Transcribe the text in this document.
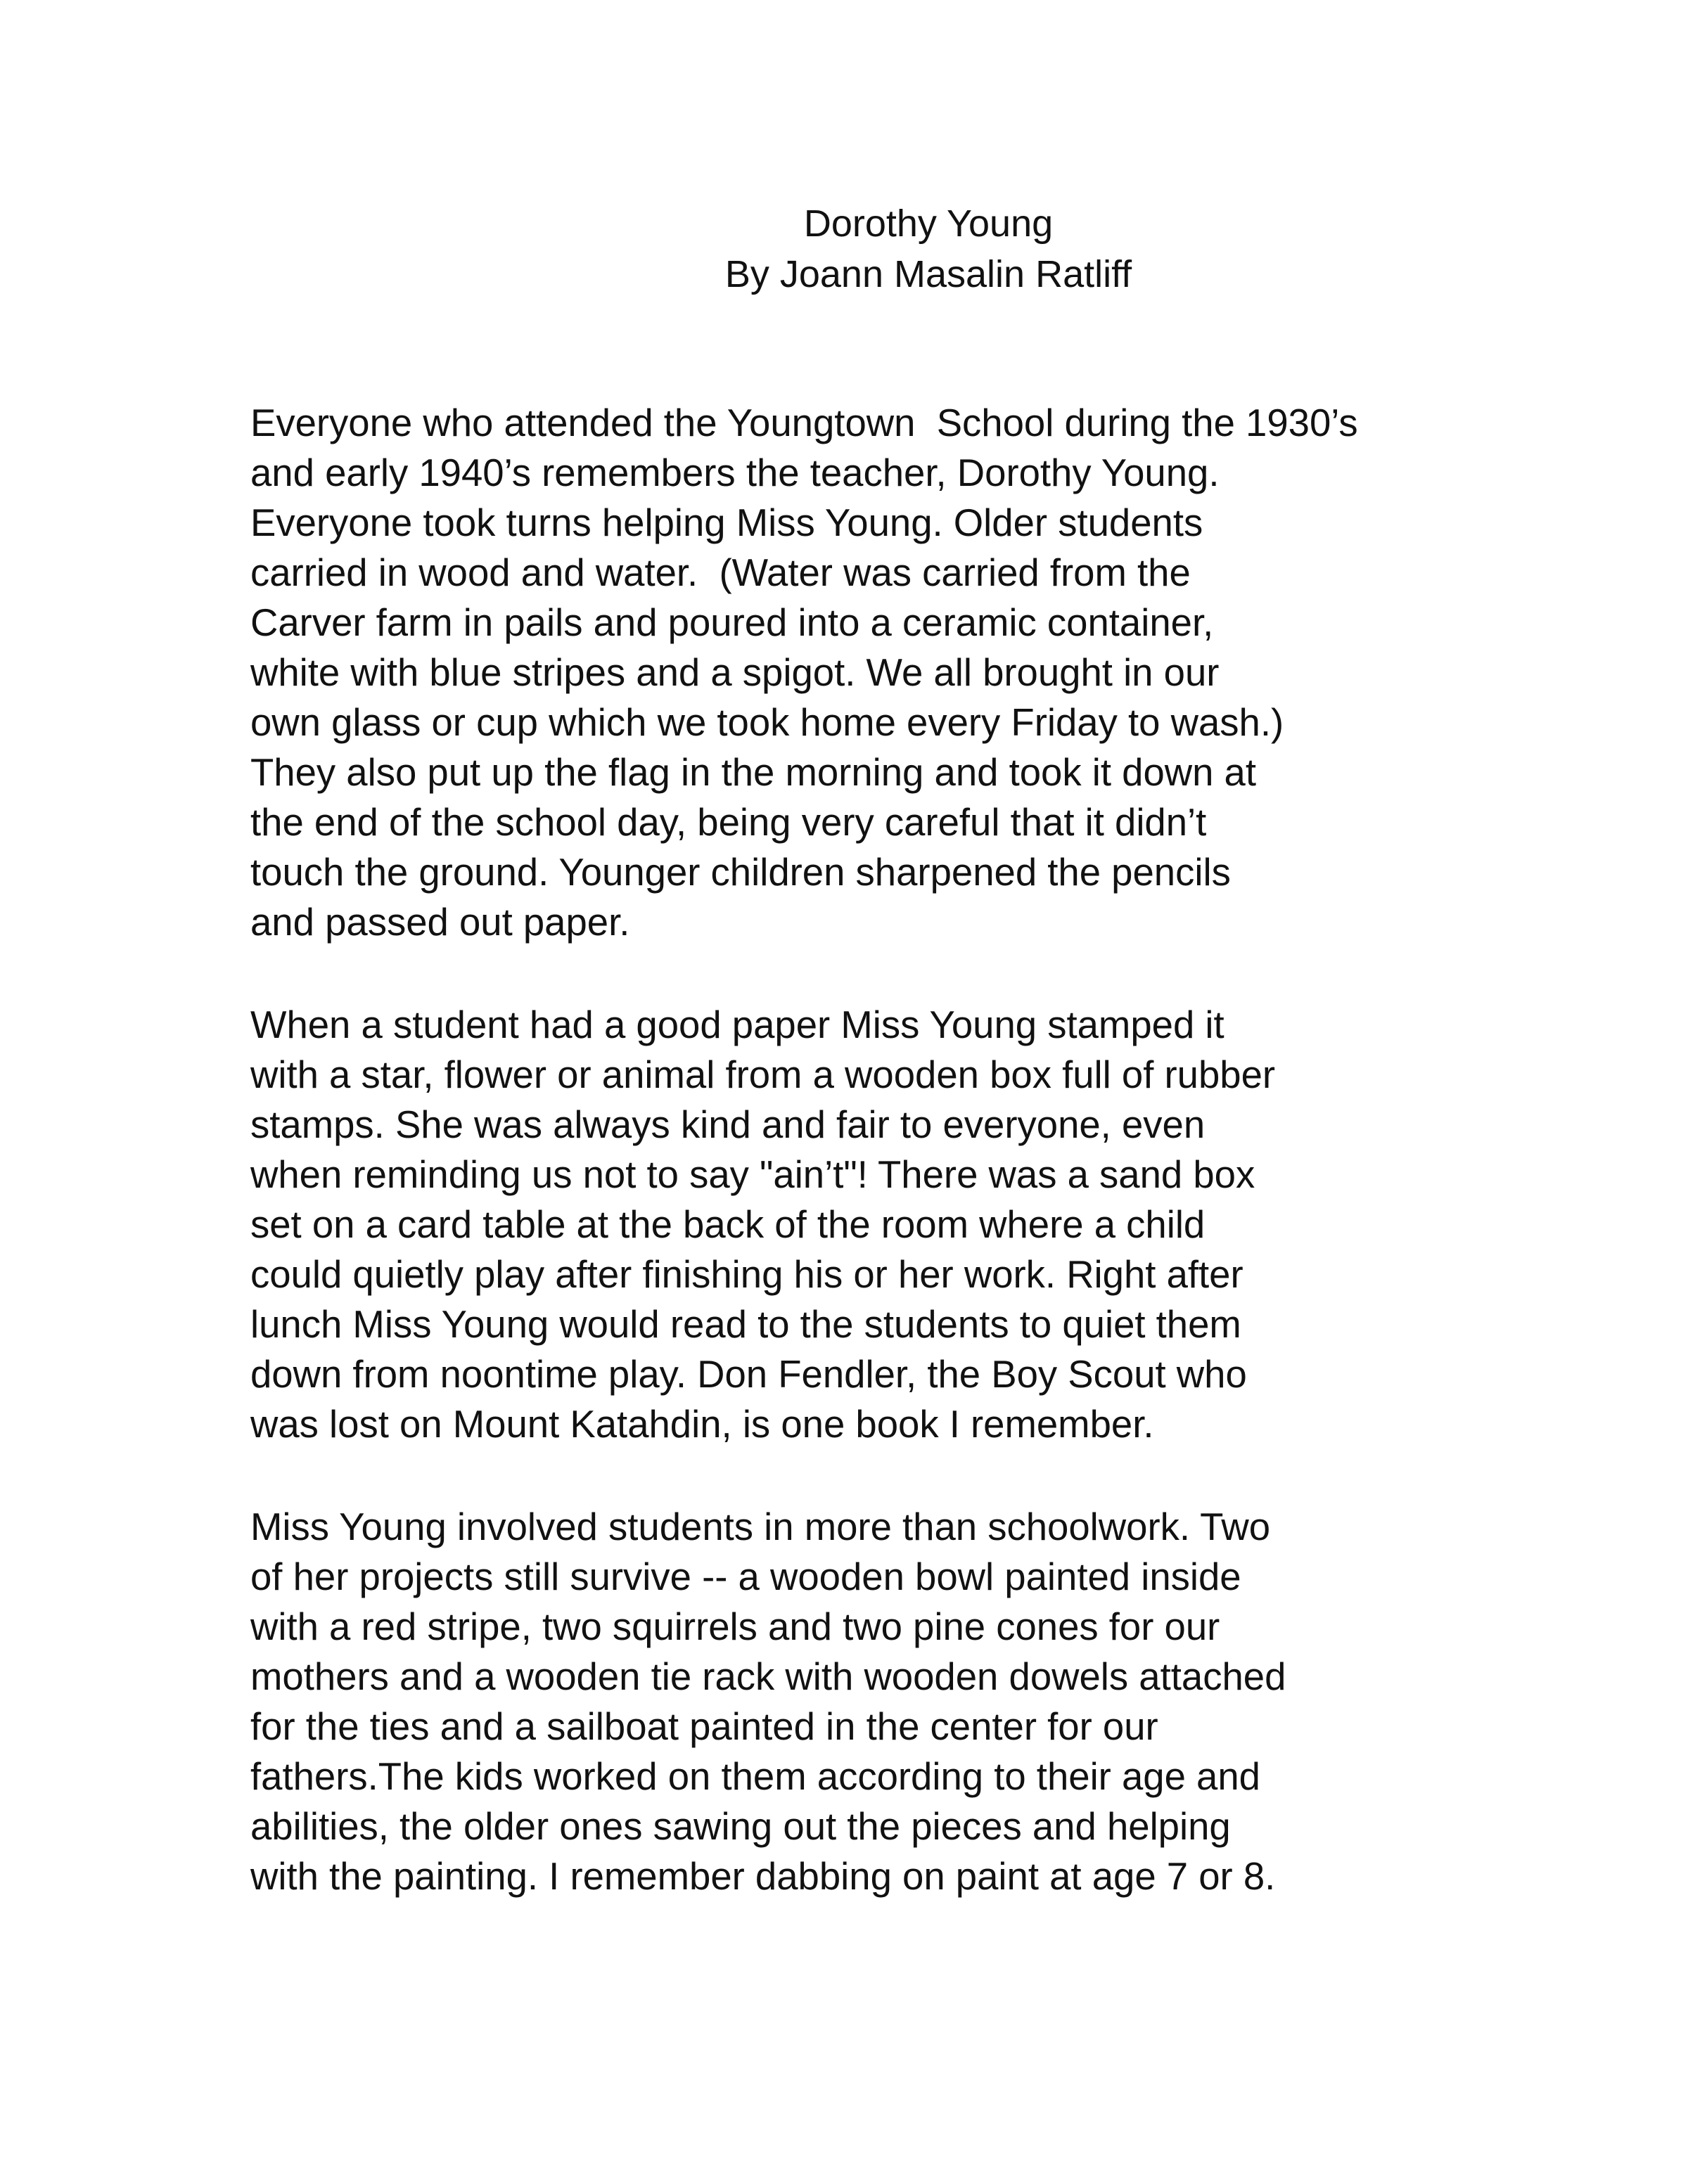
Dorothy Young
By Joann Masalin Ratliff
Everyone who attended the Youngtown  School during the 1930’s
and early 1940’s remembers the teacher, Dorothy Young.
Everyone took turns helping Miss Young. Older students
carried in wood and water.  (Water was carried from the
Carver farm in pails and poured into a ceramic container,
white with blue stripes and a spigot. We all brought in our
own glass or cup which we took home every Friday to wash.)
They also put up the flag in the morning and took it down at
the end of the school day, being very careful that it didn’t
touch the ground. Younger children sharpened the pencils
and passed out paper.
When a student had a good paper Miss Young stamped it
with a star, flower or animal from a wooden box full of rubber
stamps. She was always kind and fair to everyone, even
when reminding us not to say "ain’t"! There was a sand box
set on a card table at the back of the room where a child
could quietly play after finishing his or her work. Right after
lunch Miss Young would read to the students to quiet them
down from noontime play. Don Fendler, the Boy Scout who
was lost on Mount Katahdin, is one book I remember.
Miss Young involved students in more than schoolwork. Two
of her projects still survive -- a wooden bowl painted inside
with a red stripe, two squirrels and two pine cones for our
mothers and a wooden tie rack with wooden dowels attached
for the ties and a sailboat painted in the center for our
fathers.The kids worked on them according to their age and
abilities, the older ones sawing out the pieces and helping
with the painting. I remember dabbing on paint at age 7 or 8.
